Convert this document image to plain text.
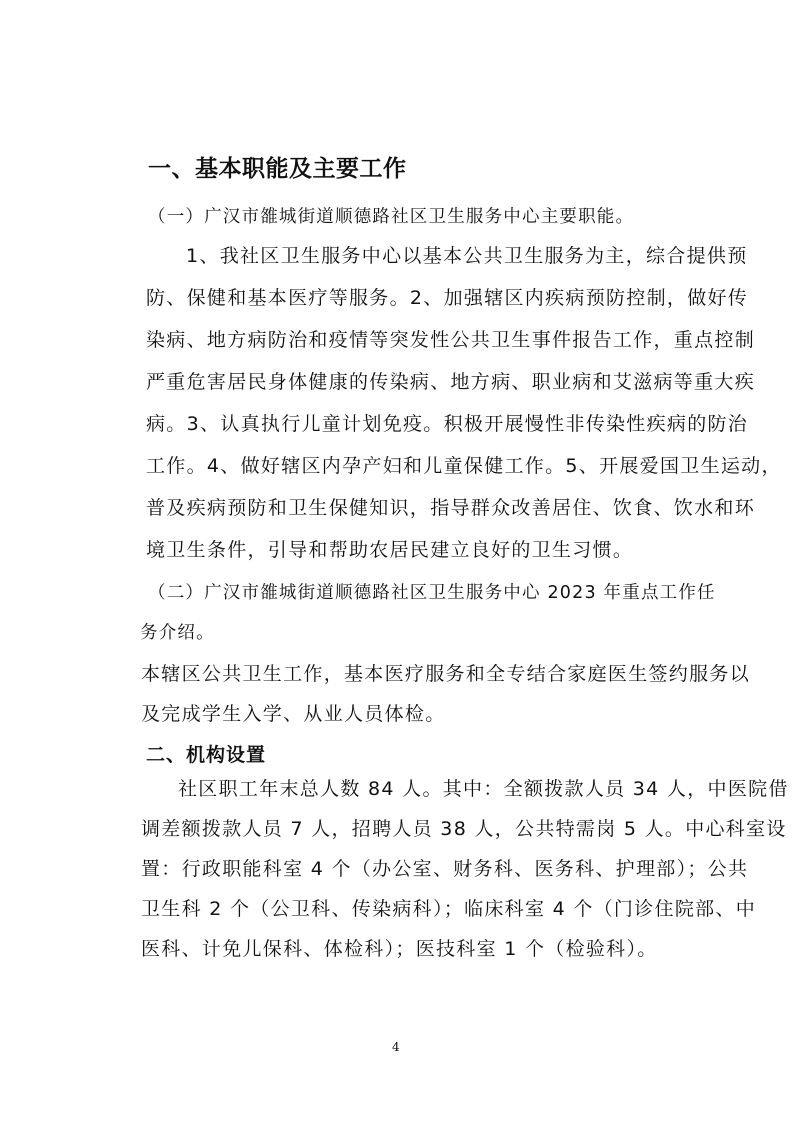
一、基本职能及主要工作
（一）广汉市雒城街道顺德路社区卫生服务中心主要职能。
1、我社区卫生服务中心以基本公共卫生服务为主，综合提供预
防、保健和基本医疗等服务。2、加强辖区内疾病预防控制，做好传
染病、地方病防治和疫情等突发性公共卫生事件报告工作，重点控制
严重危害居民身体健康的传染病、地方病、职业病和艾滋病等重大疾
病。3、认真执行儿童计划免疫。积极开展慢性非传染性疾病的防治
工作。4、做好辖区内孕产妇和儿童保健工作。5、开展爱国卫生运动，
普及疾病预防和卫生保健知识，指导群众改善居住、饮食、饮水和环
境卫生条件，引导和帮助农居民建立良好的卫生习惯。
（二）广汉市雒城街道顺德路社区卫生服务中心 2023 年重点工作任
务介绍。
本辖区公共卫生工作，基本医疗服务和全专结合家庭医生签约服务以
及完成学生入学、从业人员体检。
二、机构设置
社区职工年末总人数 84 人。其中：全额拨款人员 34 人，中医院借
调差额拨款人员 7 人，招聘人员 38 人，公共特需岗 5 人。中心科室设
置：行政职能科室 4 个（办公室、财务科、医务科、护理部）；公共
卫生科 2 个（公卫科、传染病科）；临床科室 4 个（门诊住院部、中
医科、计免儿保科、体检科）；医技科室 1 个（检验科）。
4
